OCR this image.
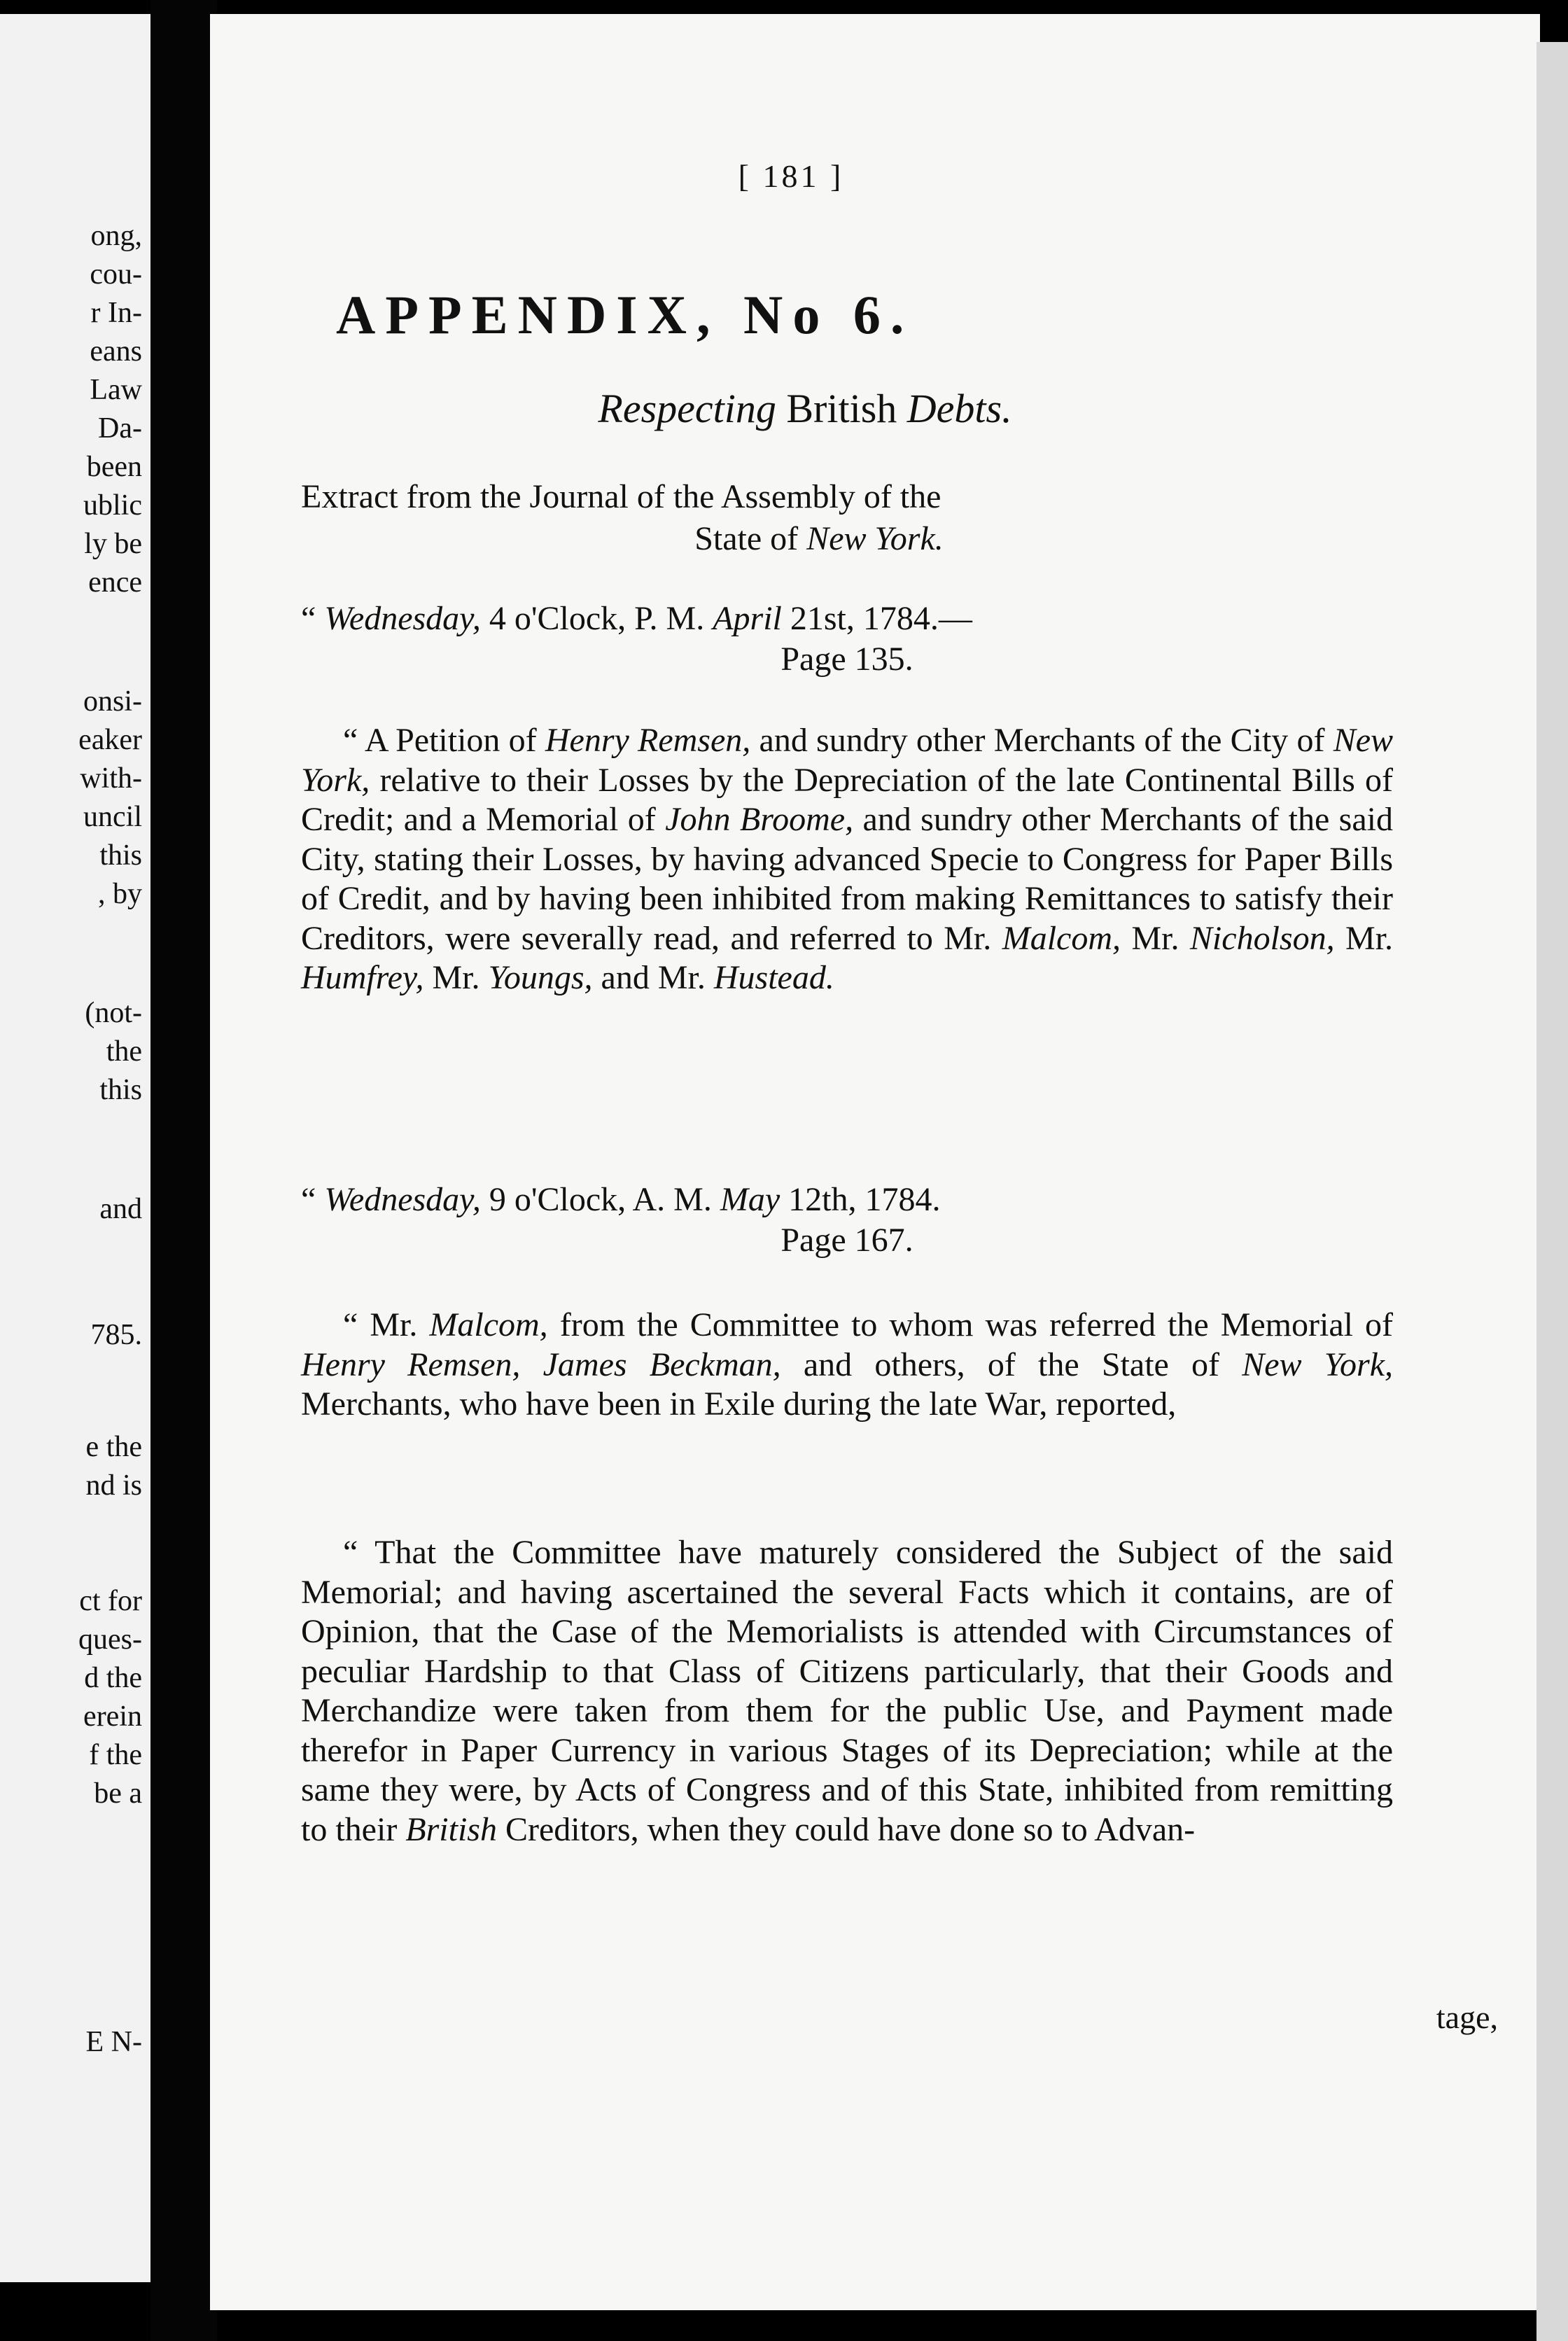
ong,
cou-
r In-
eans
Law
Da-
been
ublic
ly be
ence
onsi-
eaker
with-
uncil
this
, by
(not-
the
this
and
785.
e the
nd is
ct for
ques-
d the
erein
f the
be a
E N-
[ 181 ]
APPENDIX, No 6.
Respecting British Debts.
Extract from the Journal of the Assembly of the
State of New York.
“ Wednesday, 4 o'Clock, P. M. April 21st, 1784.—
Page 135.
“ A Petition of Henry Remsen, and sundry other Merchants of the City of New York, relative to their Losses by the Depreciation of the late Continental Bills of Credit; and a Memorial of John Broome, and sundry other Merchants of the said City, stating their Losses, by having advanced Specie to Congress for Paper Bills of Credit, and by having been inhibited from making Remittances to satisfy their Creditors, were severally read, and referred to Mr. Malcom, Mr. Nicholson, Mr. Humfrey, Mr. Youngs, and Mr. Hustead.
“ Wednesday, 9 o'Clock, A. M. May 12th, 1784.
Page 167.
“ Mr. Malcom, from the Committee to whom was referred the Memorial of Henry Remsen, James Beckman, and others, of the State of New York, Merchants, who have been in Exile during the late War, reported,
“ That the Committee have maturely considered the Subject of the said Memorial; and having ascertained the several Facts which it contains, are of Opinion, that the Case of the Memorialists is attended with Circumstances of peculiar Hardship to that Class of Citizens particularly, that their Goods and Merchandize were taken from them for the public Use, and Payment made therefor in Paper Currency in various Stages of its Depreciation; while at the same they were, by Acts of Congress and of this State, inhibited from remitting to their British Creditors, when they could have done so to Advan-
tage,
